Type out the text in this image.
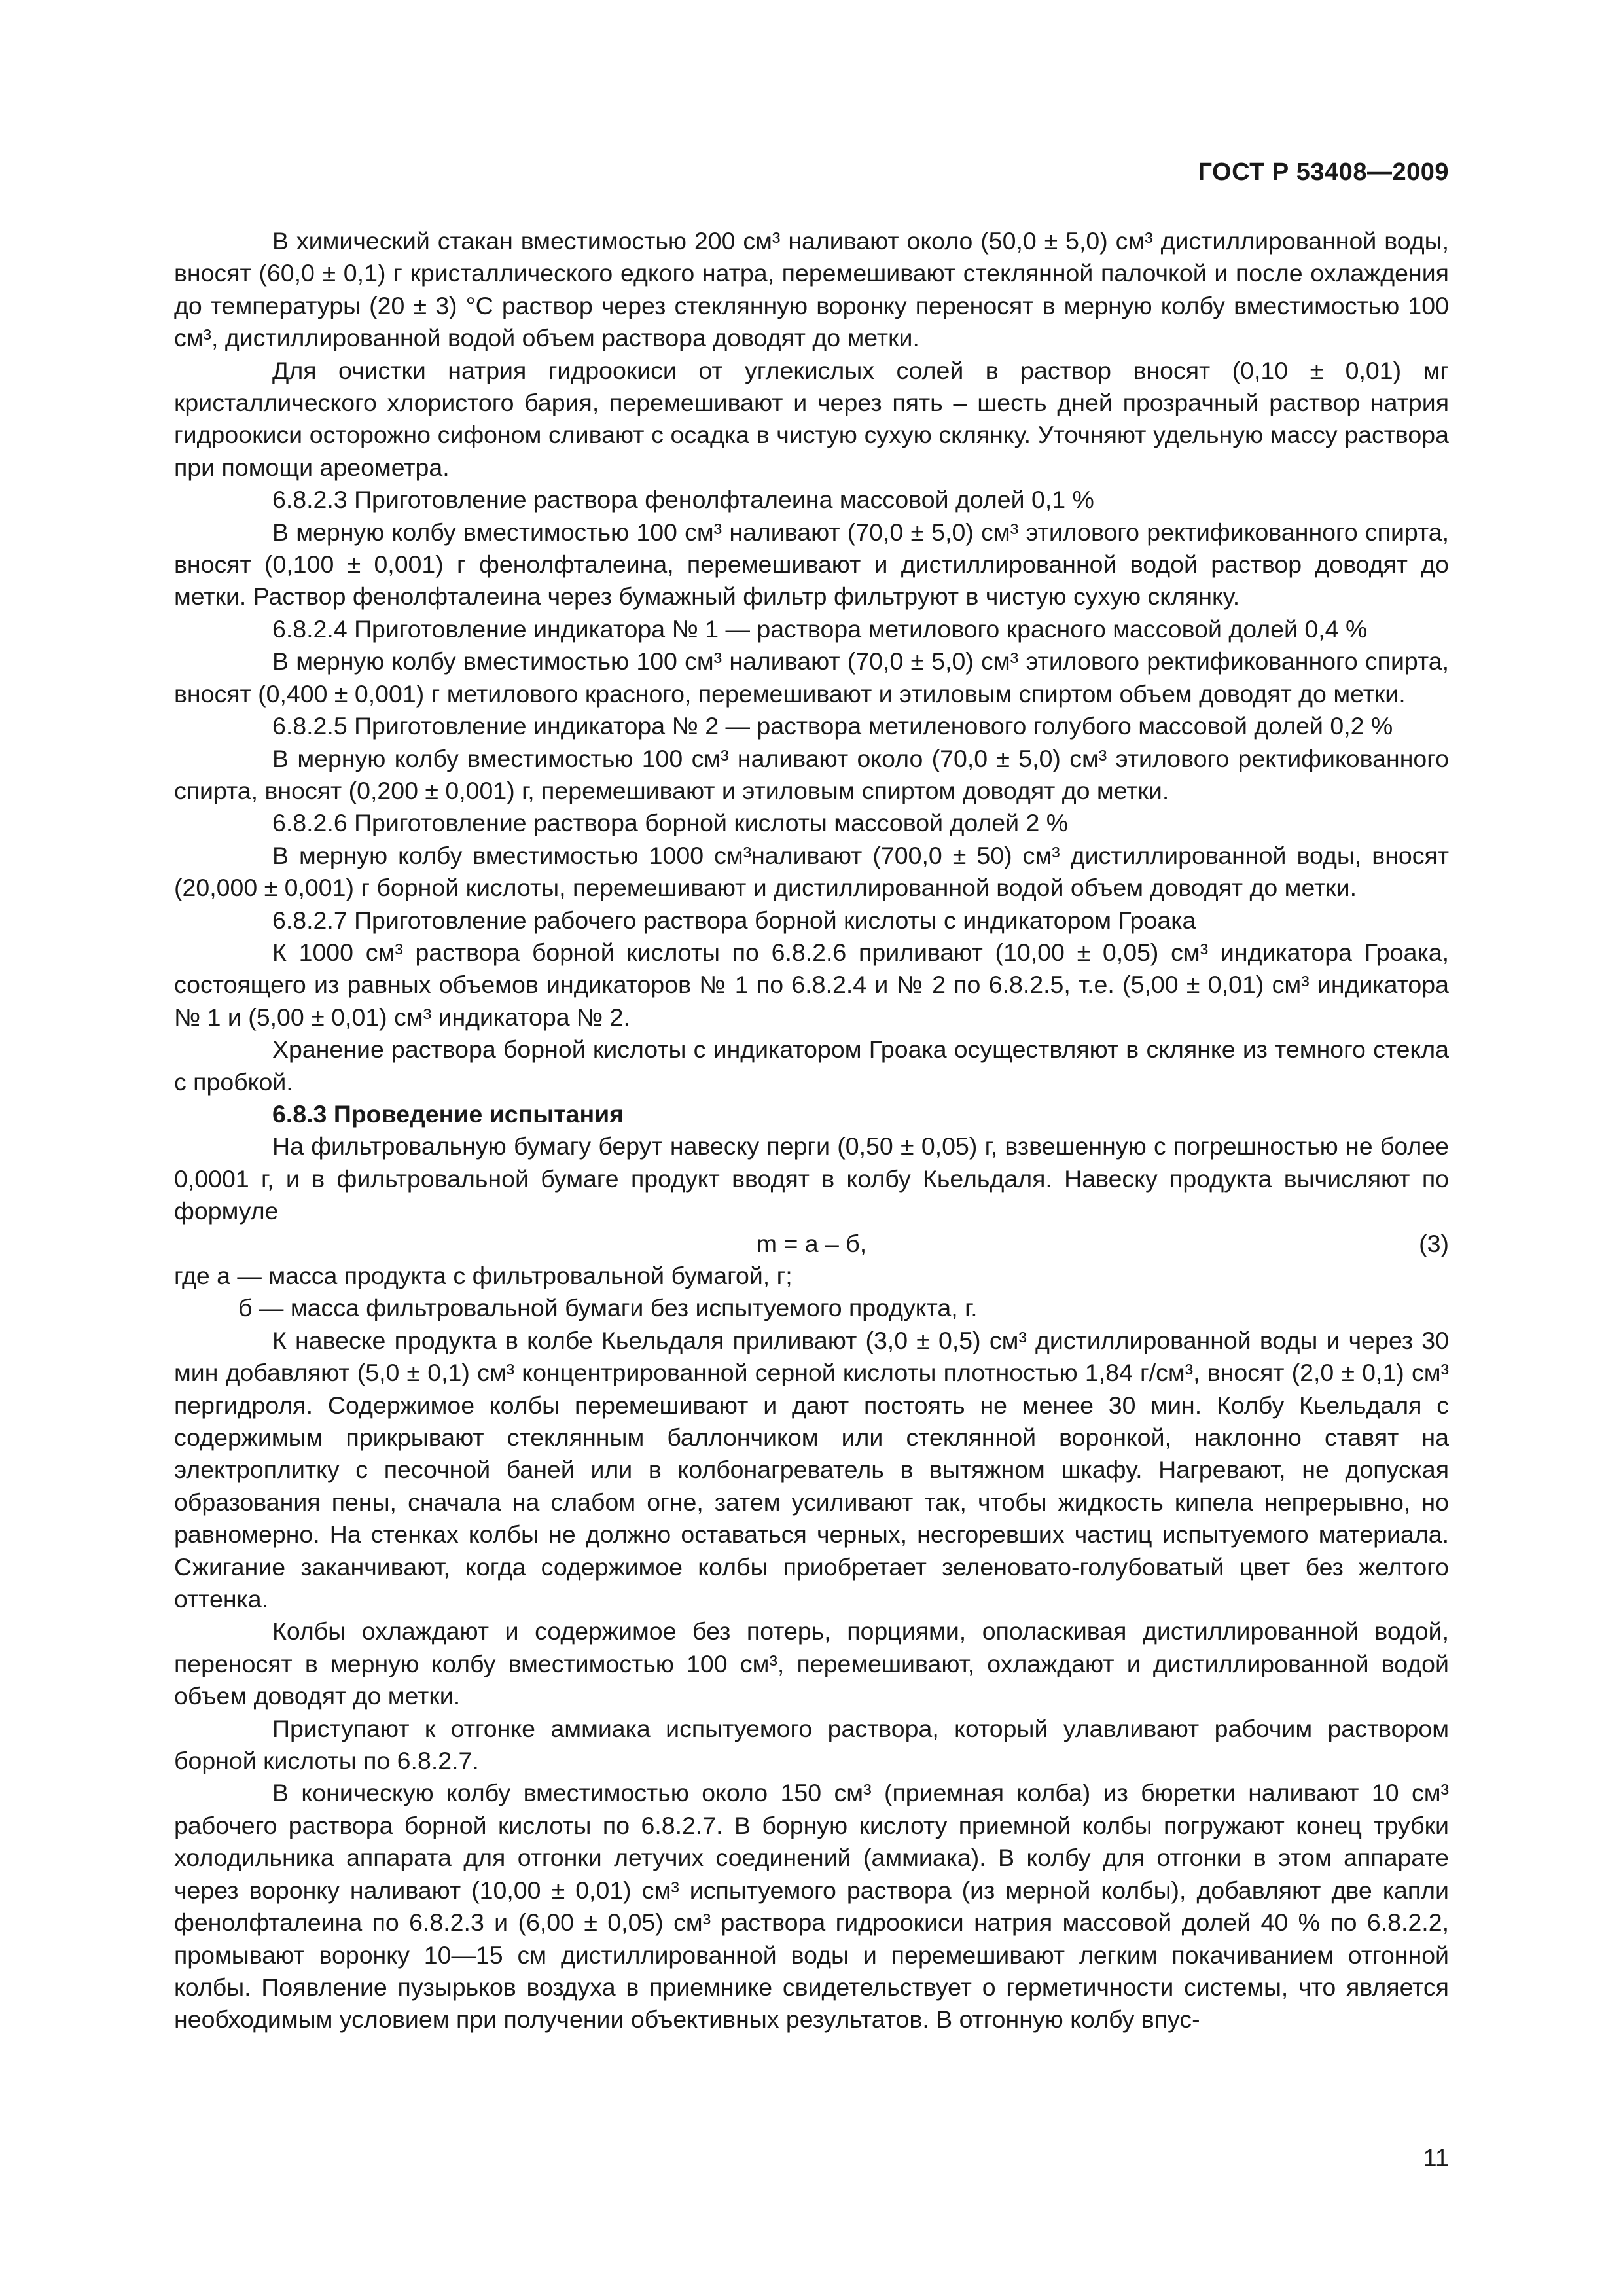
ГОСТ Р 53408—2009

В химический стакан вместимостью 200 см³ наливают около (50,0 ± 5,0) см³ дистиллированной воды, вносят (60,0 ± 0,1) г кристаллического едкого натра, перемешивают стеклянной палочкой и после охлаждения до температуры (20 ± 3) °С раствор через стеклянную воронку переносят в мерную колбу вместимостью 100 см³, дистиллированной водой объем раствора доводят до метки.

Для очистки натрия гидроокиси от углекислых солей в раствор вносят (0,10 ± 0,01) мг кристаллического хлористого бария, перемешивают и через пять – шесть дней прозрачный раствор натрия гидроокиси осторожно сифоном сливают с осадка в чистую сухую склянку. Уточняют удельную массу раствора при помощи ареометра.

6.8.2.3 Приготовление раствора фенолфталеина массовой долей 0,1 %

В мерную колбу вместимостью 100 см³ наливают (70,0 ± 5,0) см³ этилового ректификованного спирта, вносят (0,100 ± 0,001) г фенолфталеина, перемешивают и дистиллированной водой раствор доводят до метки. Раствор фенолфталеина через бумажный фильтр фильтруют в чистую сухую склянку.

6.8.2.4 Приготовление индикатора № 1 — раствора метилового красного массовой долей 0,4 %

В мерную колбу вместимостью 100 см³ наливают (70,0 ± 5,0) см³ этилового ректификованного спирта, вносят (0,400 ± 0,001) г метилового красного, перемешивают и этиловым спиртом объем доводят до метки.

6.8.2.5 Приготовление индикатора № 2 — раствора метиленового голубого массовой долей 0,2 %

В мерную колбу вместимостью 100 см³ наливают около (70,0 ± 5,0) см³ этилового ректификованного спирта, вносят (0,200 ± 0,001) г, перемешивают и этиловым спиртом доводят до метки.

6.8.2.6 Приготовление раствора борной кислоты массовой долей 2 %

В мерную колбу вместимостью 1000 см³наливают (700,0 ± 50) см³ дистиллированной воды, вносят (20,000 ± 0,001) г борной кислоты, перемешивают и дистиллированной водой объем доводят до метки.

6.8.2.7 Приготовление рабочего раствора борной кислоты с индикатором Гроака

К 1000 см³ раствора борной кислоты по 6.8.2.6 приливают (10,00 ± 0,05) см³ индикатора Гроака, состоящего из равных объемов индикаторов № 1 по 6.8.2.4 и № 2 по 6.8.2.5, т.е. (5,00 ± 0,01) см³ индикатора № 1 и (5,00 ± 0,01) см³ индикатора № 2.

Хранение раствора борной кислоты с индикатором Гроака осуществляют в склянке из темного стекла с пробкой.

6.8.3 Проведение испытания

На фильтровальную бумагу берут навеску перги (0,50 ± 0,05) г, взвешенную с погрешностью не более 0,0001 г, и в фильтровальной бумаге продукт вводят в колбу Кьельдаля. Навеску продукта вычисляют по формуле

m = a – б,	(3)

где a — масса продукта с фильтровальной бумагой, г;

б — масса фильтровальной бумаги без испытуемого продукта, г.

К навеске продукта в колбе Кьельдаля приливают (3,0 ± 0,5) см³ дистиллированной воды и через 30 мин добавляют (5,0 ± 0,1) см³ концентрированной серной кислоты плотностью 1,84 г/см³, вносят (2,0 ± 0,1) см³ пергидроля. Содержимое колбы перемешивают и дают постоять не менее 30 мин. Колбу Кьельдаля с содержимым прикрывают стеклянным баллончиком или стеклянной воронкой, наклонно ставят на электроплитку с песочной баней или в колбонагреватель в вытяжном шкафу. Нагревают, не допуская образования пены, сначала на слабом огне, затем усиливают так, чтобы жидкость кипела непрерывно, но равномерно. На стенках колбы не должно оставаться черных, несгоревших частиц испытуемого материала. Сжигание заканчивают, когда содержимое колбы приобретает зеленовато-голубоватый цвет без желтого оттенка.

Колбы охлаждают и содержимое без потерь, порциями, ополаскивая дистиллированной водой, переносят в мерную колбу вместимостью 100 см³, перемешивают, охлаждают и дистиллированной водой объем доводят до метки.

Приступают к отгонке аммиака испытуемого раствора, который улавливают рабочим раствором борной кислоты по 6.8.2.7.

В коническую колбу вместимостью около 150 см³ (приемная колба) из бюретки наливают 10 см³ рабочего раствора борной кислоты по 6.8.2.7. В борную кислоту приемной колбы погружают конец трубки холодильника аппарата для отгонки летучих соединений (аммиака). В колбу для отгонки в этом аппарате через воронку наливают (10,00 ± 0,01) см³ испытуемого раствора (из мерной колбы), добавляют две капли фенолфталеина по 6.8.2.3 и (6,00 ± 0,05) см³ раствора гидроокиси натрия массовой долей 40 % по 6.8.2.2, промывают воронку 10—15 см дистиллированной воды и перемешивают легким покачиванием отгонной колбы. Появление пузырьков воздуха в приемнике свидетельствует о герметичности системы, что является необходимым условием при получении объективных результатов. В отгонную колбу впус-

11
